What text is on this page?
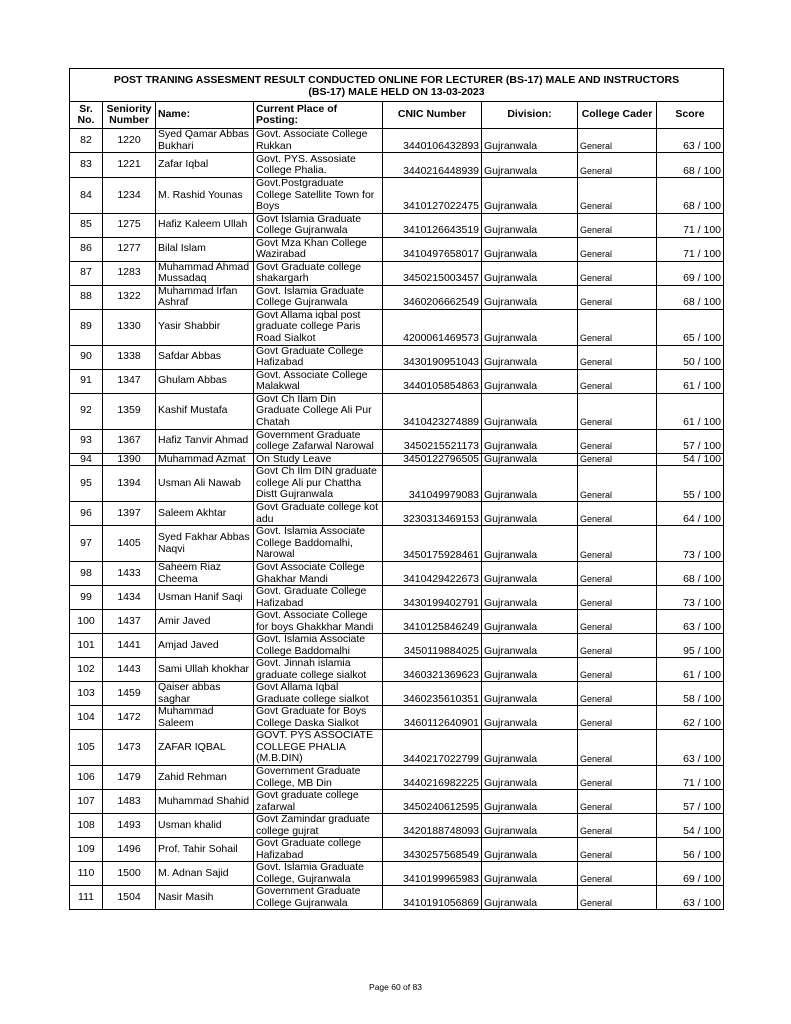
POST TRANING ASSESMENT RESULT CONDUCTED ONLINE FOR LECTURER (BS-17) MALE AND INSTRUCTORS
(BS-17) MALE HELD ON 13-03-2023							

Sr. No.	Seniority Number	Name:	Current Place of Posting:	CNIC Number	Division:	College Cader	Score
82	1220	Syed Qamar Abbas Bukhari	Govt. Associate College Rukkan	3440106432893	Gujranwala	General	63 / 100
83	1221	Zafar Iqbal	Govt. PYS. Assosiate College Phalia.	3440216448939	Gujranwala	General	68 / 100
84	1234	M. Rashid Younas	Govt.Postgraduate College Satellite Town for Boys	3410127022475	Gujranwala	General	68 / 100
85	1275	Hafiz Kaleem Ullah	Govt Islamia Graduate College Gujranwala	3410126643519	Gujranwala	General	71 / 100
86	1277	Bilal Islam	Govt Mza Khan College Wazirabad	3410497658017	Gujranwala	General	71 / 100
87	1283	Muhammad Ahmad Mussadaq	Govt Graduate college shakargarh	3450215003457	Gujranwala	General	69 / 100
88	1322	Muhammad Irfan Ashraf	Govt. Islamia Graduate College Gujranwala	3460206662549	Gujranwala	General	68 / 100
89	1330	Yasir Shabbir	Govt Allama iqbal post graduate college Paris Road Sialkot	4200061469573	Gujranwala	General	65 / 100
90	1338	Safdar Abbas	Govt Graduate College Hafizabad	3430190951043	Gujranwala	General	50 / 100
91	1347	Ghulam Abbas	Govt. Associate College Malakwal	3440105854863	Gujranwala	General	61 / 100
92	1359	Kashif Mustafa	Govt Ch Ilam Din Graduate College Ali Pur Chatah	3410423274889	Gujranwala	General	61 / 100
93	1367	Hafiz Tanvir Ahmad	Government Graduate college Zafarwal Narowal	3450215521173	Gujranwala	General	57 / 100
94	1390	Muhammad Azmat	On Study Leave	3450122796505	Gujranwala	General	54 / 100
95	1394	Usman Ali Nawab	Govt Ch Ilm DIN graduate college Ali pur Chattha Distt Gujranwala	341049979083	Gujranwala	General	55 / 100
96	1397	Saleem Akhtar	Govt Graduate college kot adu	3230313469153	Gujranwala	General	64 / 100
97	1405	Syed Fakhar Abbas Naqvi	Govt. Islamia Associate College Baddomalhi, Narowal	3450175928461	Gujranwala	General	73 / 100
98	1433	Saheem Riaz Cheema	Govt Associate College Ghakhar Mandi	3410429422673	Gujranwala	General	68 / 100
99	1434	Usman Hanif Saqi	Govt. Graduate College Hafizabad	3430199402791	Gujranwala	General	73 / 100
100	1437	Amir Javed	Govt. Associate College for boys Ghakkhar Mandi	3410125846249	Gujranwala	General	63 / 100
101	1441	Amjad Javed	Govt. Islamia Associate College Baddomalhi	3450119884025	Gujranwala	General	95 / 100
102	1443	Sami Ullah khokhar	Govt. Jinnah islamia graduate college sialkot	3460321369623	Gujranwala	General	61 / 100
103	1459	Qaiser abbas saghar	Govt Allama Iqbal Graduate college sialkot	3460235610351	Gujranwala	General	58 / 100
104	1472	Muhammad Saleem	Govt Graduate for Boys College Daska Sialkot	3460112640901	Gujranwala	General	62 / 100
105	1473	ZAFAR IQBAL	GOVT. PYS ASSOCIATE COLLEGE PHALIA (M.B.DIN)	3440217022799	Gujranwala	General	63 / 100
106	1479	Zahid Rehman	Government Graduate College, MB Din	3440216982225	Gujranwala	General	71 / 100
107	1483	Muhammad Shahid	Govt graduate college zafarwal	3450240612595	Gujranwala	General	57 / 100
108	1493	Usman khalid	Govt Zamindar graduate college gujrat	3420188748093	Gujranwala	General	54 / 100
109	1496	Prof. Tahir Sohail	Govt Graduate college Hafizabad	3430257568549	Gujranwala	General	56 / 100
110	1500	M. Adnan Sajid	Govt. Islamia Graduate College, Gujranwala	3410199965983	Gujranwala	General	69 / 100
111	1504	Nasir Masih	Government Graduate College Gujranwala	3410191056869	Gujranwala	General	63 / 100
Page 60 of 83
